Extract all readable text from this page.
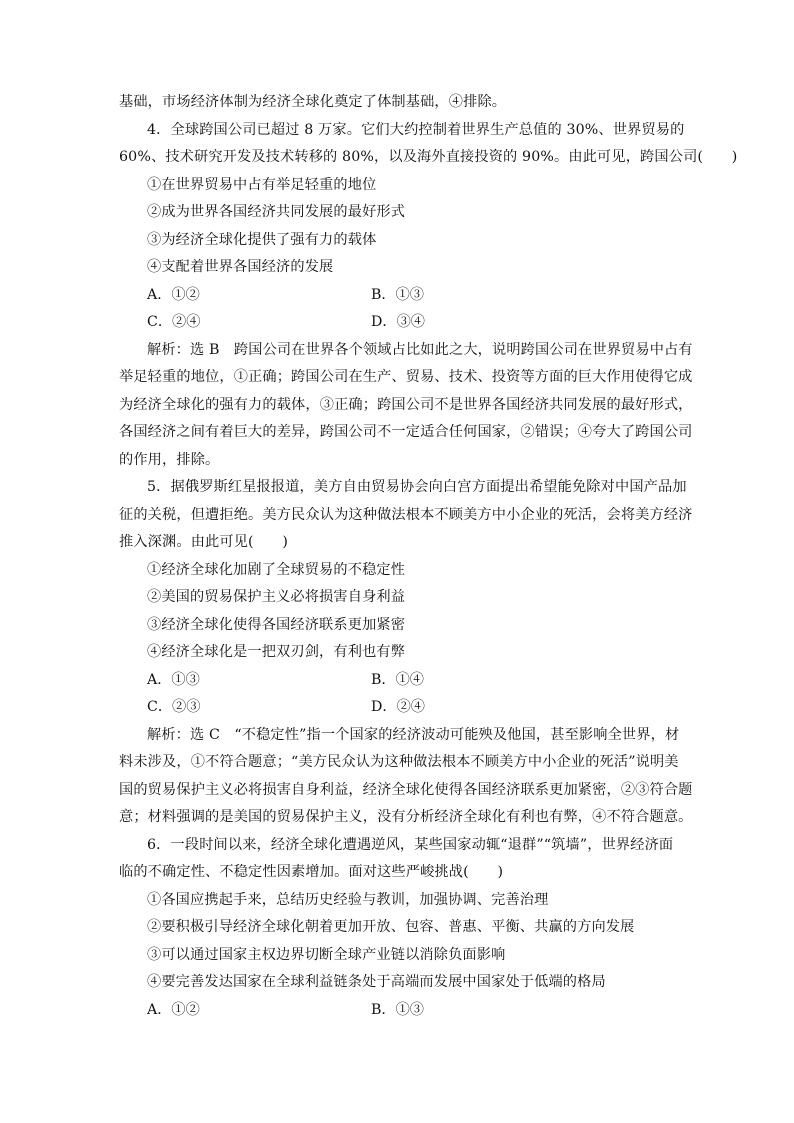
基础，市场经济体制为经济全球化奠定了体制基础，④排除。
4．全球跨国公司已超过 8 万家。它们大约控制着世界生产总值的 30%、世界贸易的
60%、技术研究开发及技术转移的 80%，以及海外直接投资的 90%。由此可见，跨国公司(　　)
①在世界贸易中占有举足轻重的地位
②成为世界各国经济共同发展的最好形式
③为经济全球化提供了强有力的载体
④支配着世界各国经济的发展
A．①②	B．①③
C．②④	D．③④
解析：选 B　跨国公司在世界各个领域占比如此之大，说明跨国公司在世界贸易中占有
举足轻重的地位，①正确；跨国公司在生产、贸易、技术、投资等方面的巨大作用使得它成
为经济全球化的强有力的载体，③正确；跨国公司不是世界各国经济共同发展的最好形式，
各国经济之间有着巨大的差异，跨国公司不一定适合任何国家，②错误；④夸大了跨国公司
的作用，排除。
5．据俄罗斯红星报报道，美方自由贸易协会向白宫方面提出希望能免除对中国产品加
征的关税，但遭拒绝。美方民众认为这种做法根本不顾美方中小企业的死活，会将美方经济
推入深渊。由此可见(　　)
①经济全球化加剧了全球贸易的不稳定性
②美国的贸易保护主义必将损害自身利益
③经济全球化使得各国经济联系更加紧密
④经济全球化是一把双刃剑，有利也有弊
A．①③	B．①④
C．②③	D．②④
解析：选 C　“不稳定性”指一个国家的经济波动可能殃及他国，甚至影响全世界，材
料未涉及，①不符合题意；“美方民众认为这种做法根本不顾美方中小企业的死活”说明美
国的贸易保护主义必将损害自身利益，经济全球化使得各国经济联系更加紧密，②③符合题
意；材料强调的是美国的贸易保护主义，没有分析经济全球化有利也有弊，④不符合题意。
6．一段时间以来，经济全球化遭遇逆风，某些国家动辄“退群”“筑墙”，世界经济面
临的不确定性、不稳定性因素增加。面对这些严峻挑战(　　)
①各国应携起手来，总结历史经验与教训，加强协调、完善治理
②要积极引导经济全球化朝着更加开放、包容、普惠、平衡、共赢的方向发展
③可以通过国家主权边界切断全球产业链以消除负面影响
④要完善发达国家在全球利益链条处于高端而发展中国家处于低端的格局
A．①②	B．①③
